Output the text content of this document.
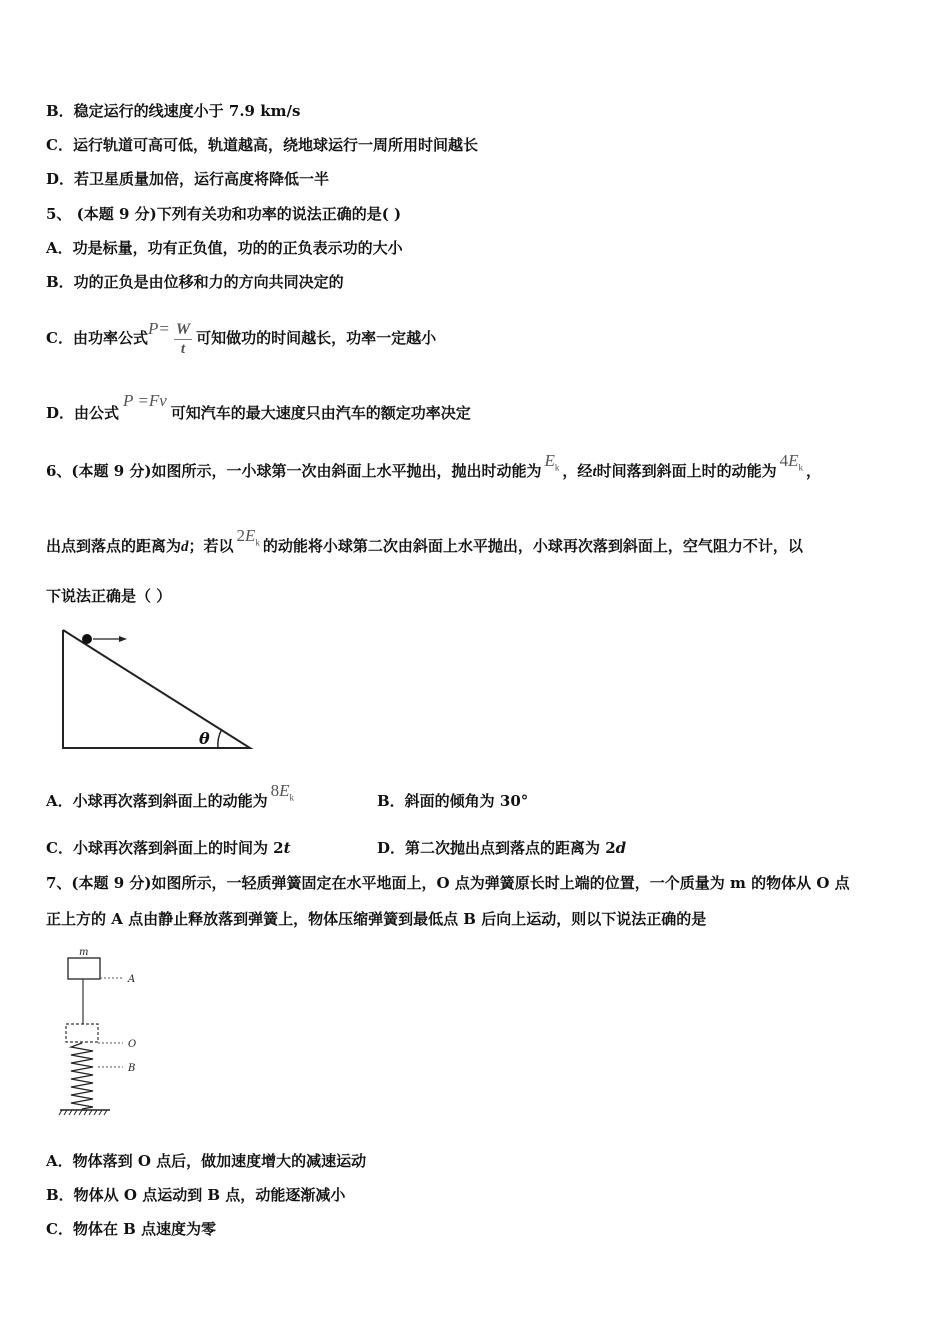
B．稳定运行的线速度小于 7.9 km/s
C．运行轨道可高可低，轨道越高，绕地球运行一周所用时间越长
D．若卫星质量加倍，运行高度将降低一半
5、 (本题 9 分)下列有关功和功率的说法正确的是( )
A．功是标量，功有正负值，功的的正负表示功的大小
B．功的正负是由位移和力的方向共同决定的
C．由功率公式$P= \frac{W}{t}$ 可知做功的时间越长，功率一定越小
D．由公式P =Fv可知汽车的最大速度只由汽车的额定功率决定
6、(本题 9 分)如图所示，一小球第一次由斜面上水平抛出，抛出时动能为$E_k$ ，经t时间落到斜面上时的动能为$4E_k$ ，
出点到落点的距离为d；若以$2E_k$ 的动能将小球第二次由斜面上水平抛出，小球再次落到斜面上，空气阻力不计，以
下说法正确是（ ）
θ
A．小球再次落到斜面上的动能为$8E_k$	B．斜面的倾角为 30°
C．小球再次落到斜面上的时间为 2t	D．第二次抛出点到落点的距离为 2d
7、(本题 9 分)如图所示，一轻质弹簧固定在水平地面上，O 点为弹簧原长时上端的位置，一个质量为 m 的物体从 O 点
正上方的 A 点由静止释放落到弹簧上，物体压缩弹簧到最低点 B 后向上运动，则以下说法正确的是
m
A
O
B
A．物体落到 O 点后，做加速度增大的减速运动
B．物体从 O 点运动到 B 点，动能逐渐减小
C．物体在 B 点速度为零
